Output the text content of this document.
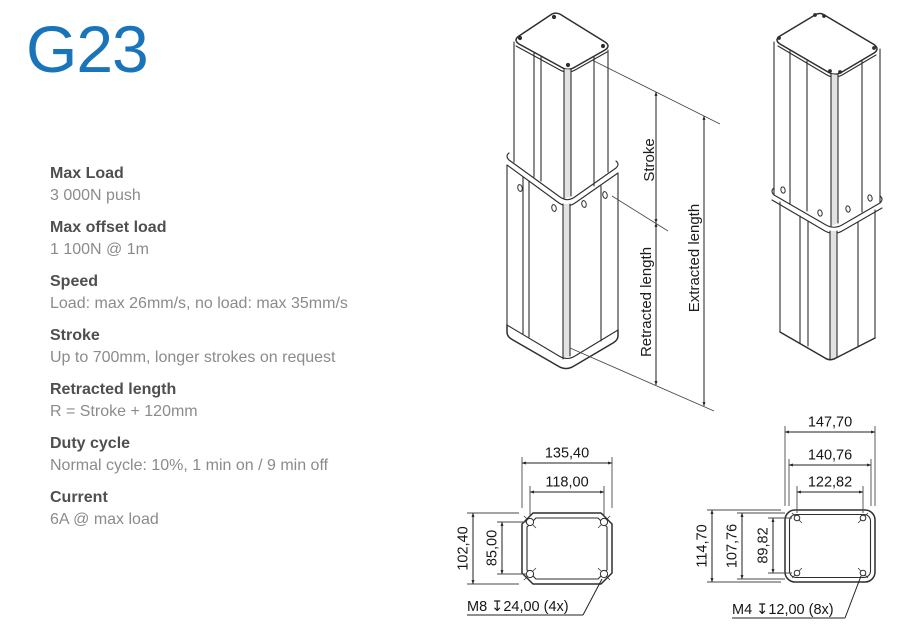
G23
Max Load
3 000N push
Max offset load
1 100N @ 1m
Speed
Load: max 26mm/s, no load: max 35mm/s
Stroke
Up to 700mm, longer strokes on request
Retracted length
R = Stroke + 120mm
Duty cycle
Normal cycle: 10%, 1 min on / 9 min off
Current
6A @ max load
Stroke
Retracted length Extracted length
135,40
118,00
102,40 85,00
M8 ↧24,00 (4x)
147,70
140,76
122,82
114,70 107,76 89,82
M4 ↧12,00 (8x)
